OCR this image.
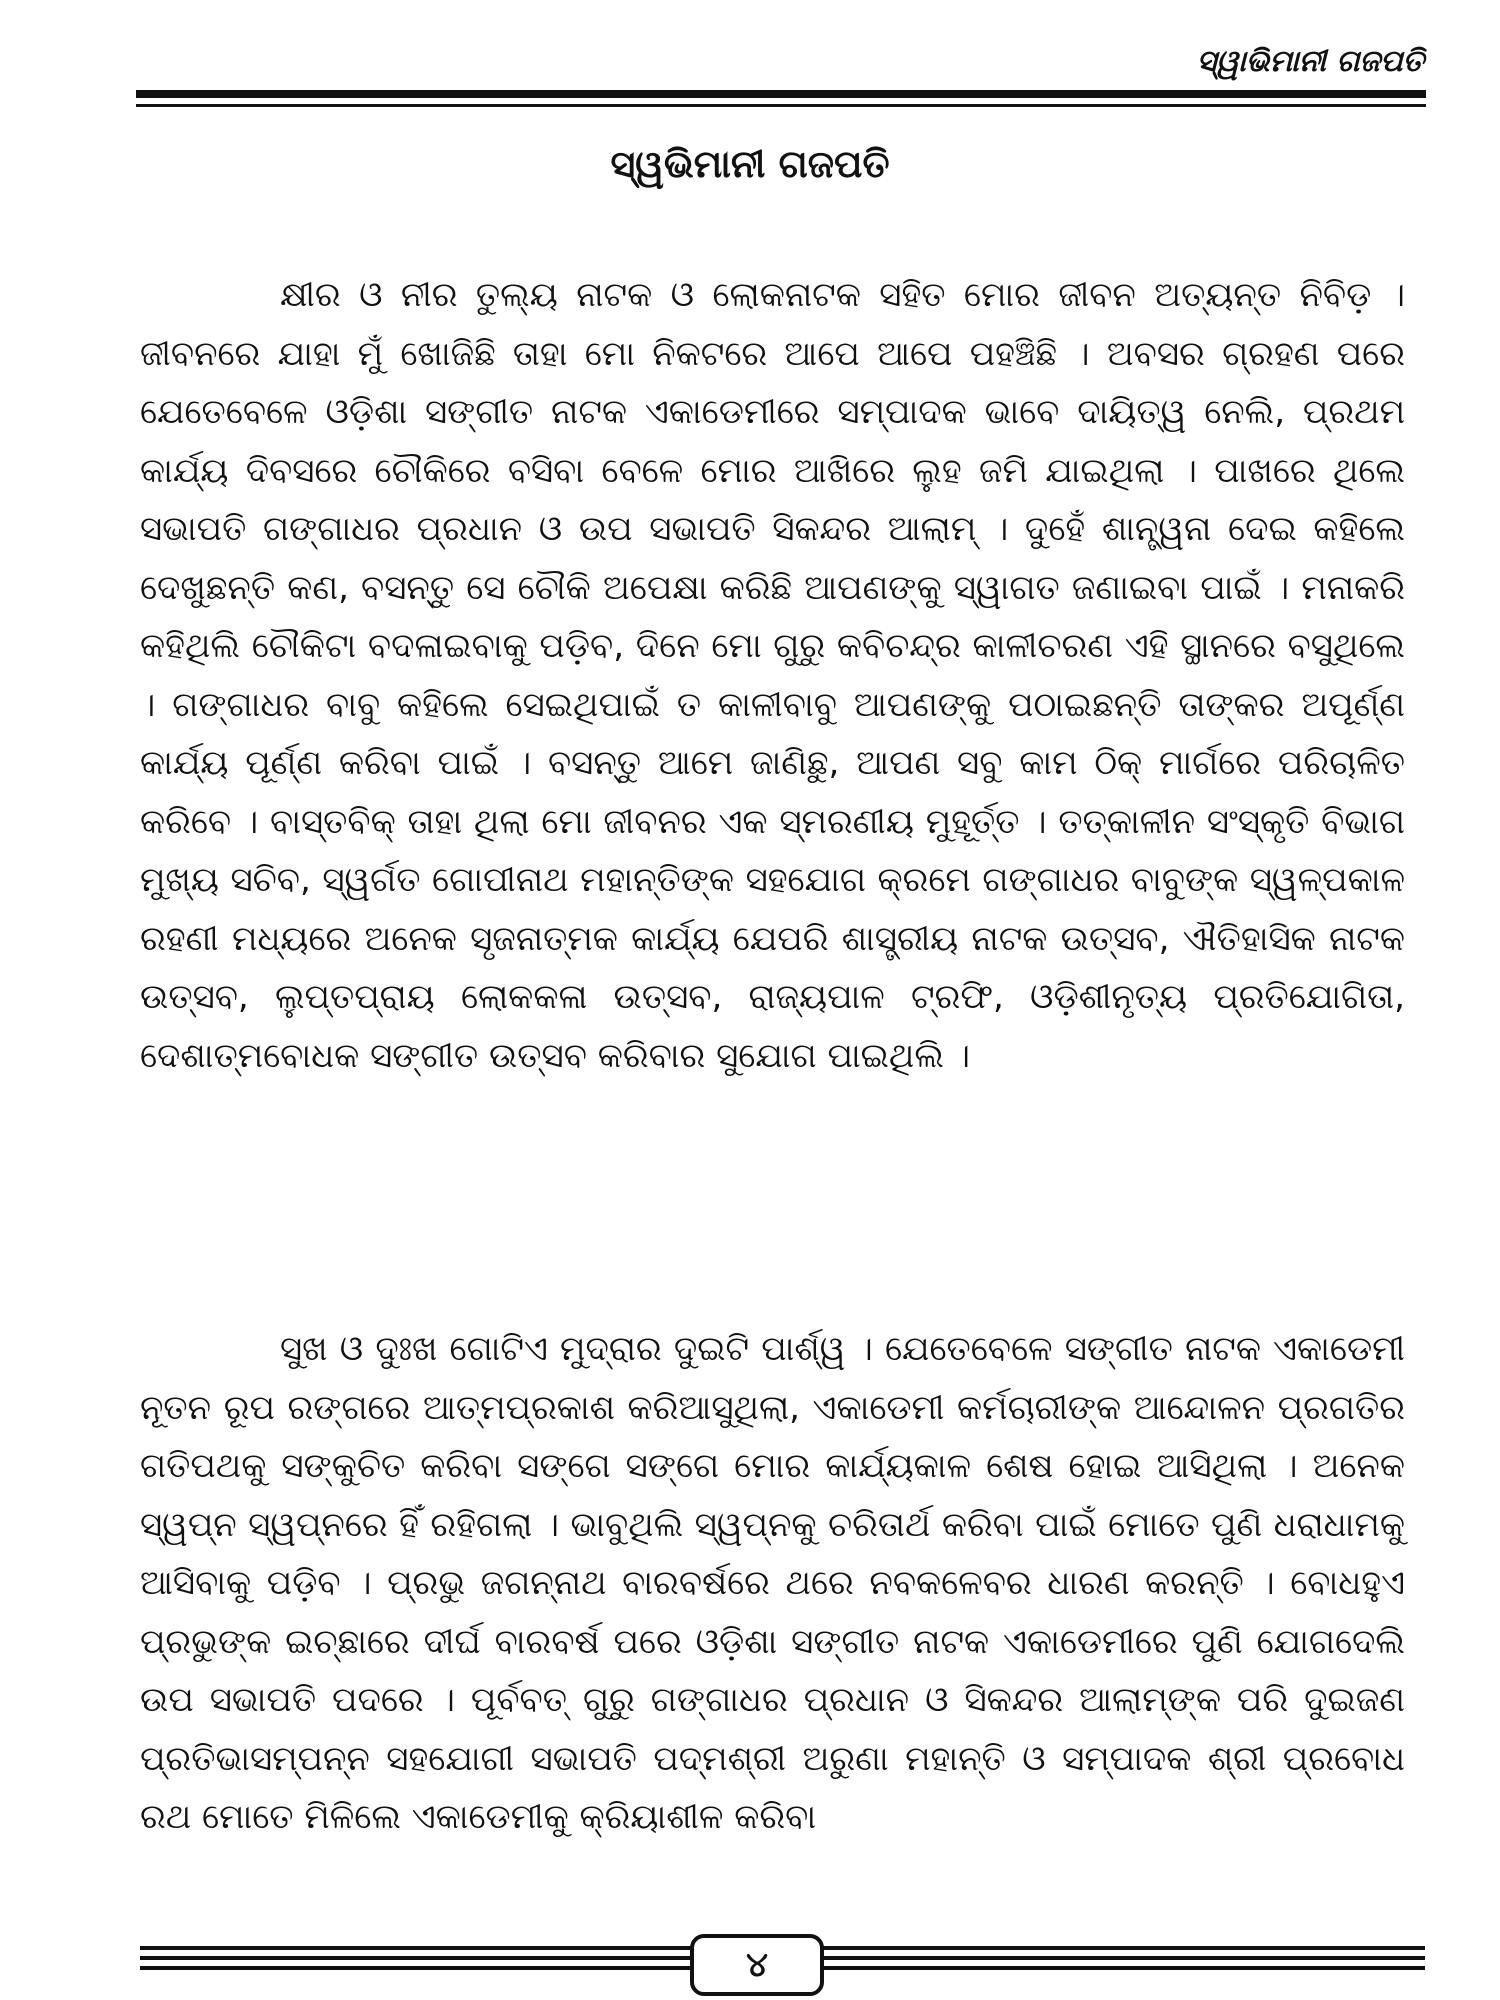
ସ୍ୱାଭିମାନୀ ଗଜପତି
ସ୍ୱଭିମାନୀ ଗଜପତି
କ୍ଷୀର ଓ ନୀର ତୁଲ୍ୟ ନାଟକ ଓ ଲୋକନାଟକ ସହିତ ମୋର ଜୀବନ ଅତ୍ୟନ୍ତ ନିବିଡ଼ । ଜୀବନରେ ଯାହା ମୁଁ ଖୋଜିଛି ତାହା ମୋ ନିକଟରେ ଆପେ ଆପେ ପହଞ୍ଚିଛି । ଅବସର ଗ୍ରହଣ ପରେ ଯେତେବେଳେ ଓଡ଼ିଶା ସଙ୍ଗୀତ ନାଟକ ଏକାଡେମୀରେ ସମ୍ପାଦକ ଭାବେ ଦାୟିତ୍ୱ ନେଲି, ପ୍ରଥମ କାର୍ଯ୍ୟ ଦିବସରେ ଚୌକିରେ ବସିବା ବେଳେ ମୋର ଆଖିରେ ଲୁହ ଜମି ଯାଇଥିଲା । ପାଖରେ ଥିଲେ ସଭାପତି ଗଙ୍ଗାଧର ପ୍ରଧାନ ଓ ଉପ ସଭାପତି ସିକନ୍ଦର ଆଲାମ୍ । ଦୁହେଁ ଶାନ୍ତ୍ୱନା ଦେଇ କହିଲେ ଦେଖୁଛନ୍ତି କଣ, ବସନ୍ତୁ ସେ ଚୌକି ଅପେକ୍ଷା କରିଛି ଆପଣଙ୍କୁ ସ୍ୱାଗତ ଜଣାଇବା ପାଇଁ । ମନାକରି କହିଥିଲି ଚୌକିଟା ବଦଳାଇବାକୁ ପଡ଼ିବ, ଦିନେ ମୋ ଗୁରୁ କବିଚନ୍ଦ୍ର କାଳୀଚରଣ ଏହି ସ୍ଥାନରେ ବସୁଥିଲେ । ଗଙ୍ଗାଧର ବାବୁ କହିଲେ ସେଇଥିପାଇଁ ତ କାଳୀବାବୁ ଆପଣଙ୍କୁ ପଠାଇଛନ୍ତି ତାଙ୍କର ଅପୂର୍ଣ୍ଣ କାର୍ଯ୍ୟ ପୂର୍ଣ୍ଣ କରିବା ପାଇଁ । ବସନ୍ତୁ ଆମେ ଜାଣିଛୁ, ଆପଣ ସବୁ କାମ ଠିକ୍ ମାର୍ଗରେ ପରିଚାଳିତ କରିବେ । ବାସ୍ତବିକ୍ ତାହା ଥିଲା ମୋ ଜୀବନର ଏକ ସ୍ମରଣୀୟ ମୁହୂର୍ତ୍ତ । ତତ୍କାଳୀନ ସଂସ୍କୃତି ବିଭାଗ ମୁଖ୍ୟ ସଚିବ, ସ୍ୱର୍ଗତ ଗୋପୀନାଥ ମହାନ୍ତିଙ୍କ ସହଯୋଗ କ୍ରମେ ଗଙ୍ଗାଧର ବାବୁଙ୍କ ସ୍ୱଳ୍ପକାଳ ରହଣୀ ମଧ୍ୟରେ ଅନେକ ସୃଜନାତ୍ମକ କାର୍ଯ୍ୟ ଯେପରି ଶାସ୍ତ୍ରୀୟ ନାଟକ ଉତ୍ସବ, ଐତିହାସିକ ନାଟକ ଉତ୍ସବ, ଲୁପ୍ତପ୍ରାୟ ଲୋକକଳା ଉତ୍ସବ, ରାଜ୍ୟପାଳ ଟ୍ରଫି, ଓଡ଼ିଶୀନୃତ୍ୟ ପ୍ରତିଯୋଗିତା, ଦେଶାତ୍ମବୋଧକ ସଙ୍ଗୀତ ଉତ୍ସବ କରିବାର ସୁଯୋଗ ପାଇଥିଲି ।
ସୁଖ ଓ ଦୁଃଖ ଗୋଟିଏ ମୁଦ୍ରାର ଦୁଇଟି ପାର୍ଶ୍ୱ । ଯେତେବେଳେ ସଙ୍ଗୀତ ନାଟକ ଏକାଡେମୀ ନୂତନ ରୂପ ରଙ୍ଗରେ ଆତ୍ମପ୍ରକାଶ କରିଆସୁଥିଲା, ଏକାଡେମୀ କର୍ମଚାରୀଙ୍କ ଆନ୍ଦୋଳନ ପ୍ରଗତିର ଗତିପଥକୁ ସଙ୍କୁଚିତ କରିବା ସଙ୍ଗେ ସଙ୍ଗେ ମୋର କାର୍ଯ୍ୟକାଳ ଶେଷ ହୋଇ ଆସିଥିଲା । ଅନେକ ସ୍ୱପ୍ନ ସ୍ୱପ୍ନରେ ହିଁ ରହିଗଲା । ଭାବୁଥିଲି ସ୍ୱପ୍ନକୁ ଚରିତାର୍ଥ କରିବା ପାଇଁ ମୋତେ ପୁଣି ଧରାଧାମକୁ ଆସିବାକୁ ପଡ଼ିବ । ପ୍ରଭୁ ଜଗନ୍ନାଥ ବାରବର୍ଷରେ ଥରେ ନବକଳେବର ଧାରଣ କରନ୍ତି । ବୋଧହୁଏ ପ୍ରଭୁଙ୍କ ଇଚ୍ଛାରେ ଦୀର୍ଘ ବାରବର୍ଷ ପରେ ଓଡ଼ିଶା ସଙ୍ଗୀତ ନାଟକ ଏକାଡେମୀରେ ପୁଣି ଯୋଗଦେଲି ଉପ ସଭାପତି ପଦରେ । ପୂର୍ବବତ୍ ଗୁରୁ ଗଙ୍ଗାଧର ପ୍ରଧାନ ଓ ସିକନ୍ଦର ଆଲାମ୍ଙ୍କ ପରି ଦୁଇଜଣ ପ୍ରତିଭାସମ୍ପନ୍ନ ସହଯୋଗୀ ସଭାପତି ପଦ୍ମଶ୍ରୀ ଅରୁଣା ମହାନ୍ତି ଓ ସମ୍ପାଦକ ଶ୍ରୀ ପ୍ରବୋଧ ରଥ ମୋତେ ମିଳିଲେ ଏକାଡେମୀକୁ କ୍ରିୟାଶୀଳ କରିବା
୪
